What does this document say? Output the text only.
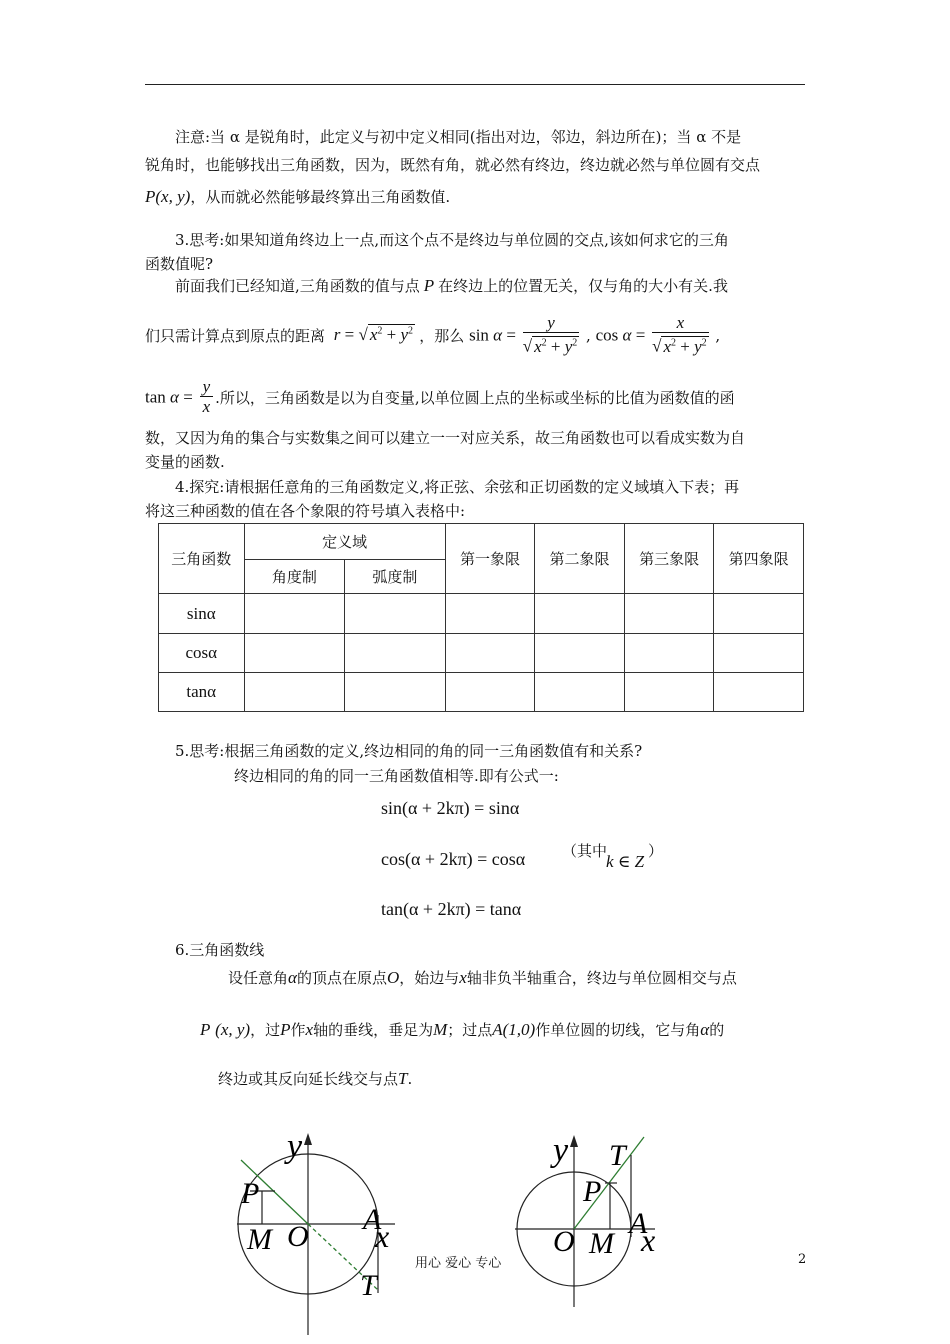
注意:当 α 是锐角时，此定义与初中定义相同(指出对边，邻边，斜边所在)；当 α 不是
锐角时，也能够找出三角函数，因为，既然有角，就必然有终边，终边就必然与单位圆有交点
P(x, y)，从而就必然能够最终算出三角函数值.
3.思考:如果知道角终边上一点,而这个点不是终边与单位圆的交点,该如何求它的三角
函数值呢?
前面我们已经知道,三角函数的值与点 P 在终边上的位置无关，仅与角的大小有关.我
们只需计算点到原点的距离 r = √ $x^2 + y^2$ ，那么 $\sin \alpha = \frac{y}{√ x^2 + y^2}$ , $\cos \alpha = \frac{x}{√ x^2 + y^2}$ ,
$\tan \alpha = \frac{y}{x}$ .所以，三角函数是以为自变量,以单位圆上点的坐标或坐标的比值为函数值的函
数，又因为角的集合与实数集之间可以建立一一对应关系，故三角函数也可以看成实数为自
变量的函数.
4.探究:请根据任意角的三角函数定义,将正弦、余弦和正切函数的定义域填入下表；再
将这三种函数的值在各个象限的符号填入表格中:
三角函数	定义域		第一象限	第二象限	第三象限	第四象限
	角度制	弧度制				
sinα						
cosα						
tanα						
5.思考:根据三角函数的定义,终边相同的角的同一三角函数值有和关系?
终边相同的角的同一三角函数值相等.即有公式一:
sin(α + 2kπ) = sinα
cos(α + 2kπ) = cosα （其中
k ∈ Z
）
tan(α + 2kπ) = tanα
6.三角函数线
设任意角α的顶点在原点O，始边与x轴非负半轴重合，终边与单位圆相交与点
P (x, y)，过P作x轴的垂线，垂足为M；过点A(1,0)作单位圆的切线，它与角α的
终边或其反向延长线交与点T.
y
P
M O
A
x
T
y T
P
O M
A
x
用心 爱心 专心	2
